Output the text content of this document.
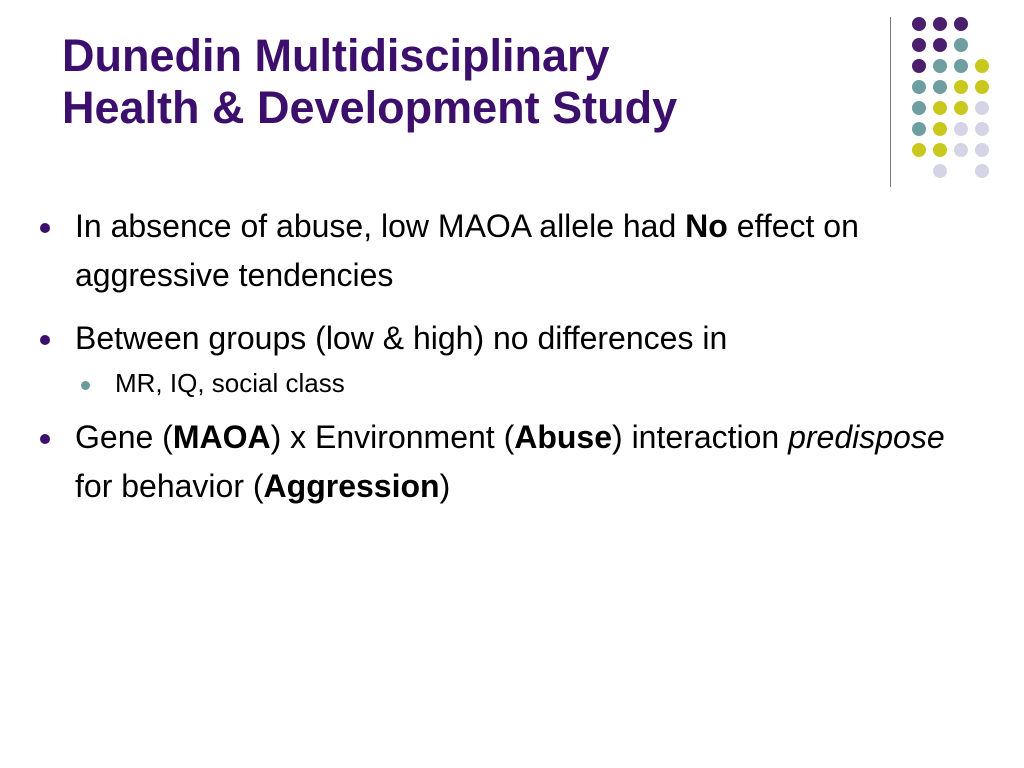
Dunedin Multidisciplinary
Health & Development Study
In absence of abuse, low MAOA allele had No effect on aggressive tendencies
Between groups (low & high) no differences in
MR, IQ, social class
Gene (MAOA) x Environment (Abuse) interaction predispose for behavior (Aggression)
